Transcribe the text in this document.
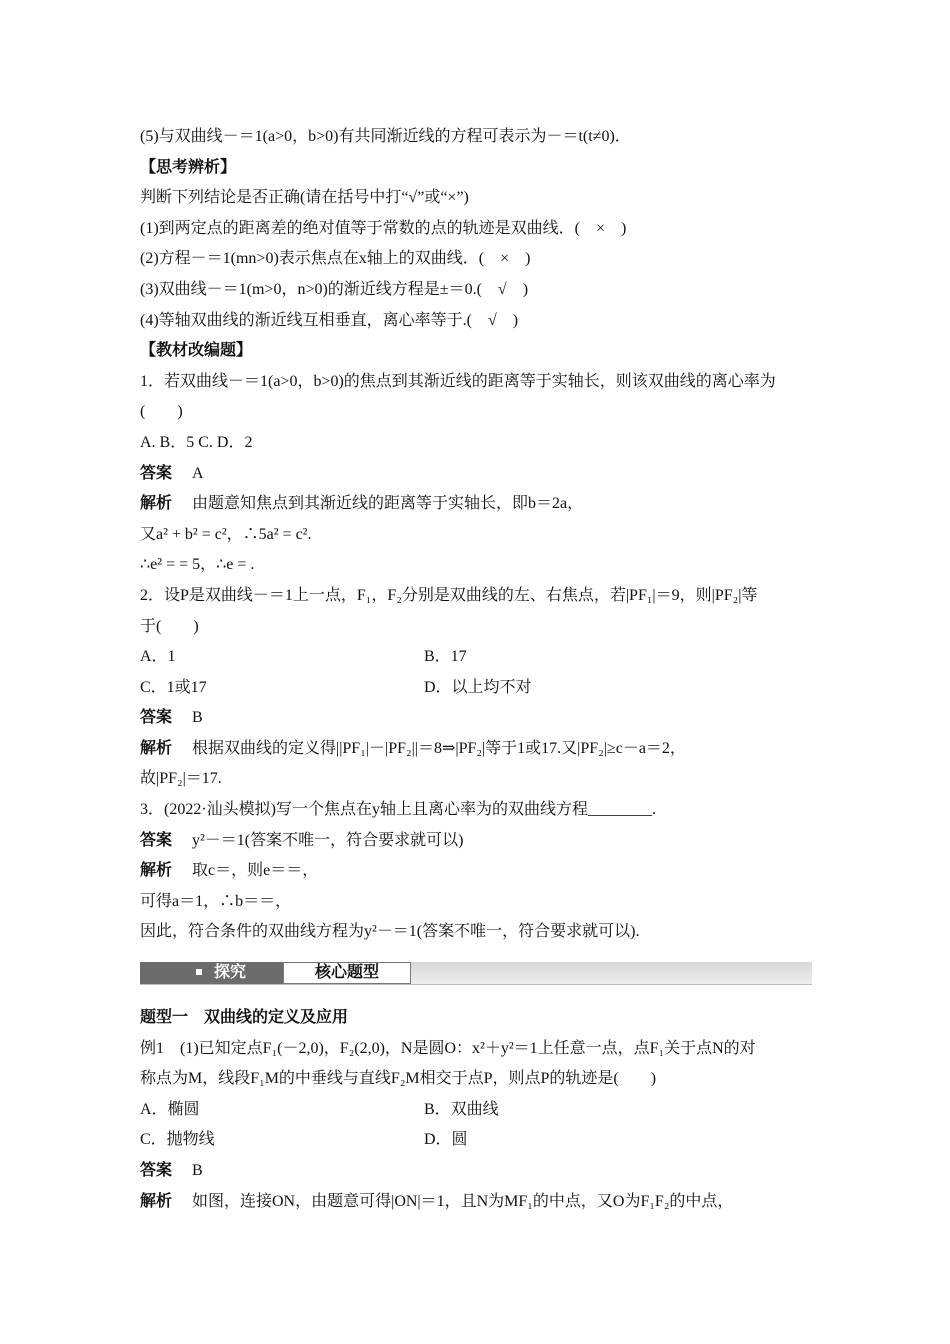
(5)与双曲线－＝1(a>0，b>0)有共同渐近线的方程可表示为－＝t(t≠0)．
【思考辨析】
判断下列结论是否正确(请在括号中打“√”或“×”)
(1)到两定点的距离差的绝对值等于常数的点的轨迹是双曲线．(　×　)
(2)方程－＝1(mn>0)表示焦点在x轴上的双曲线．(　×　)
(3)双曲线－＝1(m>0，n>0)的渐近线方程是±＝0.(　√　)
(4)等轴双曲线的渐近线互相垂直，离心率等于.(　√　)
【教材改编题】
1．若双曲线－＝1(a>0，b>0)的焦点到其渐近线的距离等于实轴长，则该双曲线的离心率为
(　　)
A. B．5 C. D．2
答案 A
解析 由题意知焦点到其渐近线的距离等于实轴长，即b＝2a，
又a² + b² = c²，∴5a² = c².
∴e² = = 5，∴e = .
2．设P是双曲线－＝1上一点，F₁，F₂分别是双曲线的左、右焦点，若|PF₁|＝9，则|PF₂|等
于(　　)
A．1	B．17
C．1或17	D．以上均不对
答案 B
解析 根据双曲线的定义得||PF₁|－|PF₂||＝8⇒|PF₂|等于1或17.又|PF₂|≥c－a＝2，
故|PF₂|＝17.
3．(2022·汕头模拟)写一个焦点在y轴上且离心率为的双曲线方程________.
答案 y²－＝1(答案不唯一，符合要求就可以)
解析 取c＝，则e＝＝，
可得a＝1，∴b＝＝，
因此，符合条件的双曲线方程为y²－＝1(答案不唯一，符合要求就可以).
探究	核心题型
题型一　双曲线的定义及应用
例1　(1)已知定点F₁(－2,0)，F₂(2,0)，N是圆O：x²＋y²＝1上任意一点，点F₁关于点N的对
称点为M，线段F₁M的中垂线与直线F₂M相交于点P，则点P的轨迹是(　　)
A．椭圆	B．双曲线
C．抛物线	D．圆
答案 B
解析 如图，连接ON，由题意可得|ON|＝1，且N为MF₁的中点，又O为F₁F₂的中点，
